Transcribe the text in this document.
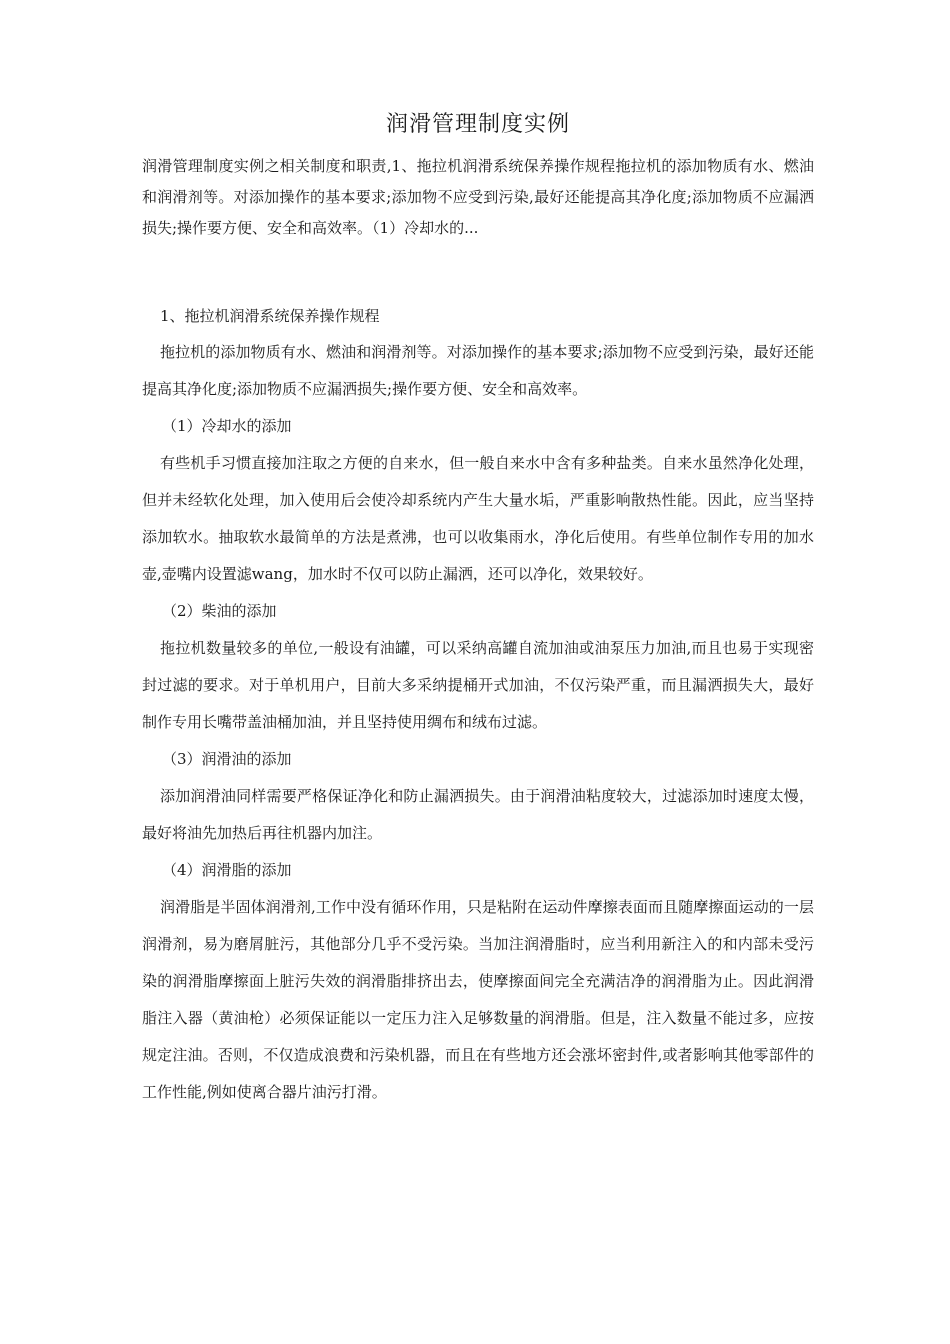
润滑管理制度实例

润滑管理制度实例之相关制度和职责,1、拖拉机润滑系统保养操作规程拖拉机的添加物质有水、燃油和润滑剂等。对添加操作的基本要求;添加物不应受到污染,最好还能提高其净化度;添加物质不应漏洒损失;操作要方便、安全和高效率。（1）冷却水的...

1、拖拉机润滑系统保养操作规程

拖拉机的添加物质有水、燃油和润滑剂等。对添加操作的基本要求;添加物不应受到污染，最好还能提高其净化度;添加物质不应漏洒损失;操作要方便、安全和高效率。

（1）冷却水的添加

有些机手习惯直接加注取之方便的自来水，但一般自来水中含有多种盐类。自来水虽然净化处理，但并未经软化处理，加入使用后会使冷却系统内产生大量水垢，严重影响散热性能。因此，应当坚持添加软水。抽取软水最简单的方法是煮沸，也可以收集雨水，净化后使用。有些单位制作专用的加水壶,壶嘴内设置滤wang，加水时不仅可以防止漏洒，还可以净化，效果较好。

（2）柴油的添加

拖拉机数量较多的单位,一般设有油罐，可以采纳高罐自流加油或油泵压力加油,而且也易于实现密封过滤的要求。对于单机用户，目前大多采纳提桶开式加油，不仅污染严重，而且漏洒损失大，最好制作专用长嘴带盖油桶加油，并且坚持使用绸布和绒布过滤。

（3）润滑油的添加

添加润滑油同样需要严格保证净化和防止漏洒损失。由于润滑油粘度较大，过滤添加时速度太慢，最好将油先加热后再往机器内加注。

（4）润滑脂的添加

润滑脂是半固体润滑剂,工作中没有循环作用，只是粘附在运动件摩擦表面而且随摩擦面运动的一层润滑剂，易为磨屑脏污，其他部分几乎不受污染。当加注润滑脂时，应当利用新注入的和内部未受污染的润滑脂摩擦面上脏污失效的润滑脂排挤出去，使摩擦面间完全充满洁净的润滑脂为止。因此润滑脂注入器（黄油枪）必须保证能以一定压力注入足够数量的润滑脂。但是，注入数量不能过多，应按规定注油。否则，不仅造成浪费和污染机器，而且在有些地方还会涨坏密封件,或者影响其他零部件的工作性能,例如使离合器片油污打滑。
